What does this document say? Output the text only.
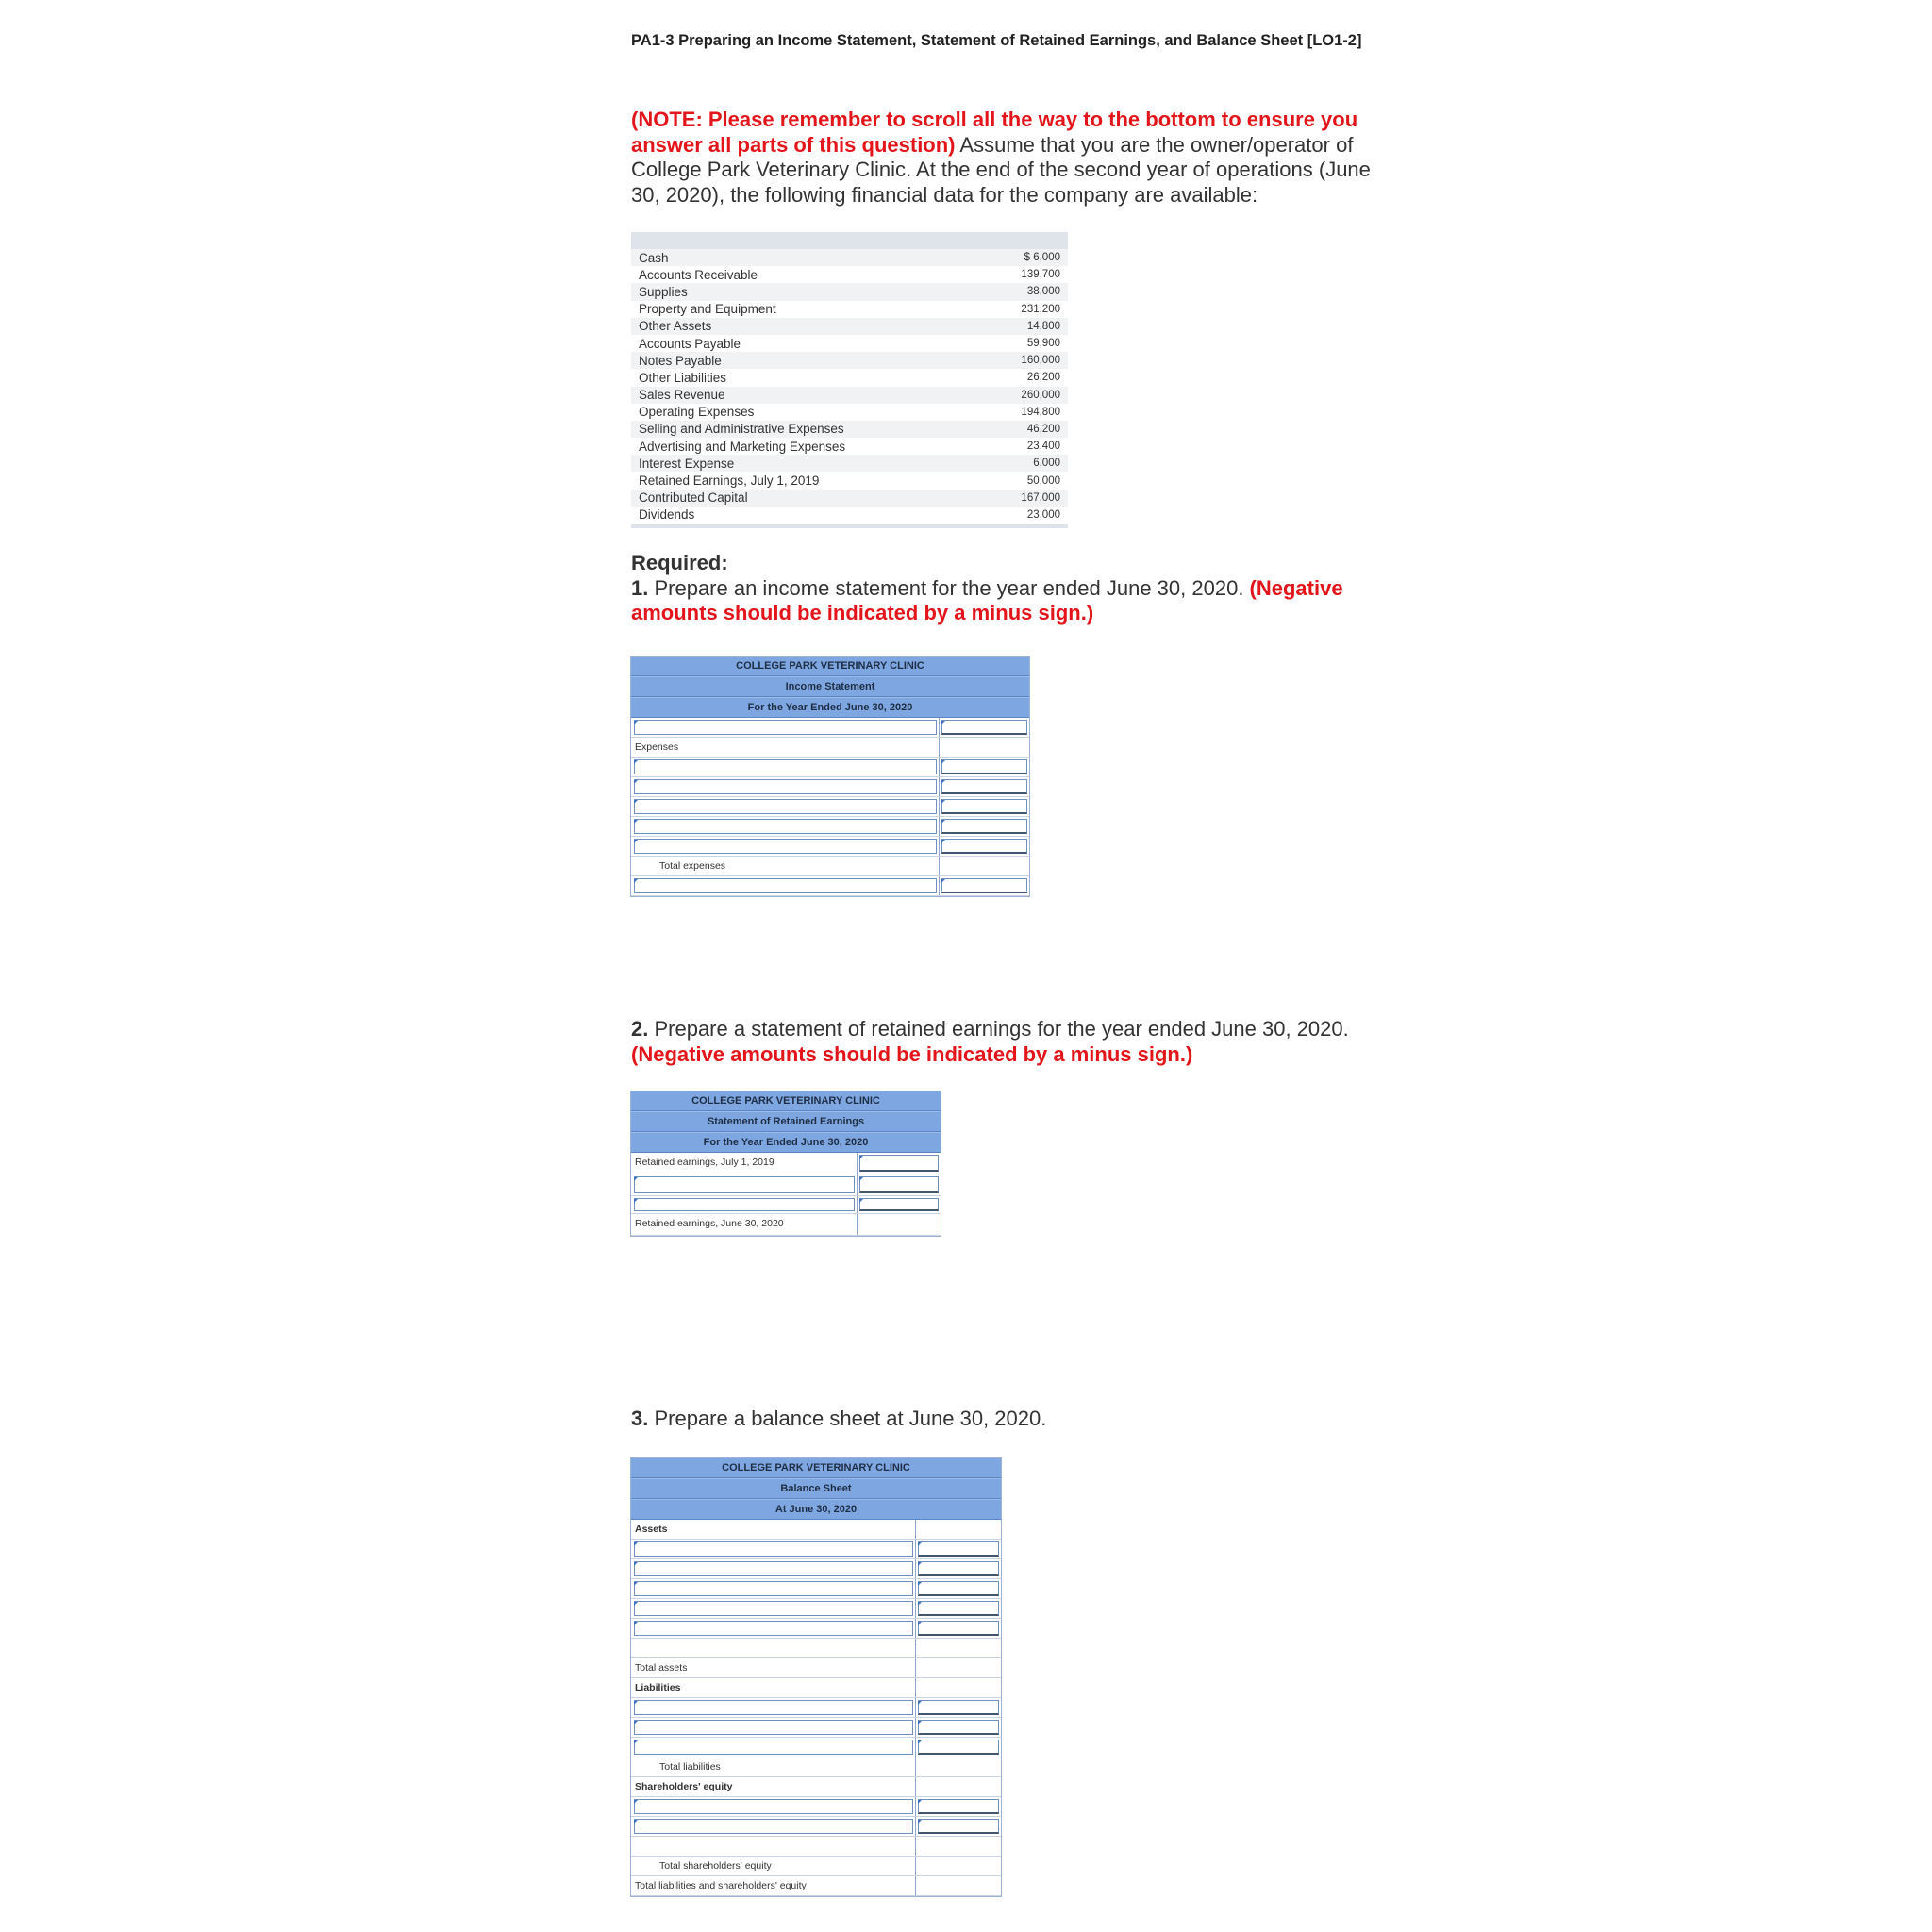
PA1-3 Preparing an Income Statement, Statement of Retained Earnings, and Balance Sheet [LO1-2]
(NOTE: Please remember to scroll all the way to the bottom to ensure you answer all parts of this question) Assume that you are the owner/operator of College Park Veterinary Clinic. At the end of the second year of operations (June 30, 2020), the following financial data for the company are available:
Cash	$ 6,000
Accounts Receivable	139,700
Supplies	38,000
Property and Equipment	231,200
Other Assets	14,800
Accounts Payable	59,900
Notes Payable	160,000
Other Liabilities	26,200
Sales Revenue	260,000
Operating Expenses	194,800
Selling and Administrative Expenses	46,200
Advertising and Marketing Expenses	23,400
Interest Expense	6,000
Retained Earnings, July 1, 2019	50,000
Contributed Capital	167,000
Dividends	23,000
Required:
1. Prepare an income statement for the year ended June 30, 2020. (Negative amounts should be indicated by a minus sign.)
COLLEGE PARK VETERINARY CLINIC
Income Statement
For the Year Ended June 30, 2020
Expenses
Total expenses
2. Prepare a statement of retained earnings for the year ended June 30, 2020. (Negative amounts should be indicated by a minus sign.)
COLLEGE PARK VETERINARY CLINIC
Statement of Retained Earnings
For the Year Ended June 30, 2020
Retained earnings, July 1, 2019
Retained earnings, June 30, 2020
3. Prepare a balance sheet at June 30, 2020.
COLLEGE PARK VETERINARY CLINIC
Balance Sheet
At June 30, 2020
Assets
Total assets
Liabilities
Total liabilities
Shareholders' equity
Total shareholders' equity
Total liabilities and shareholders' equity
